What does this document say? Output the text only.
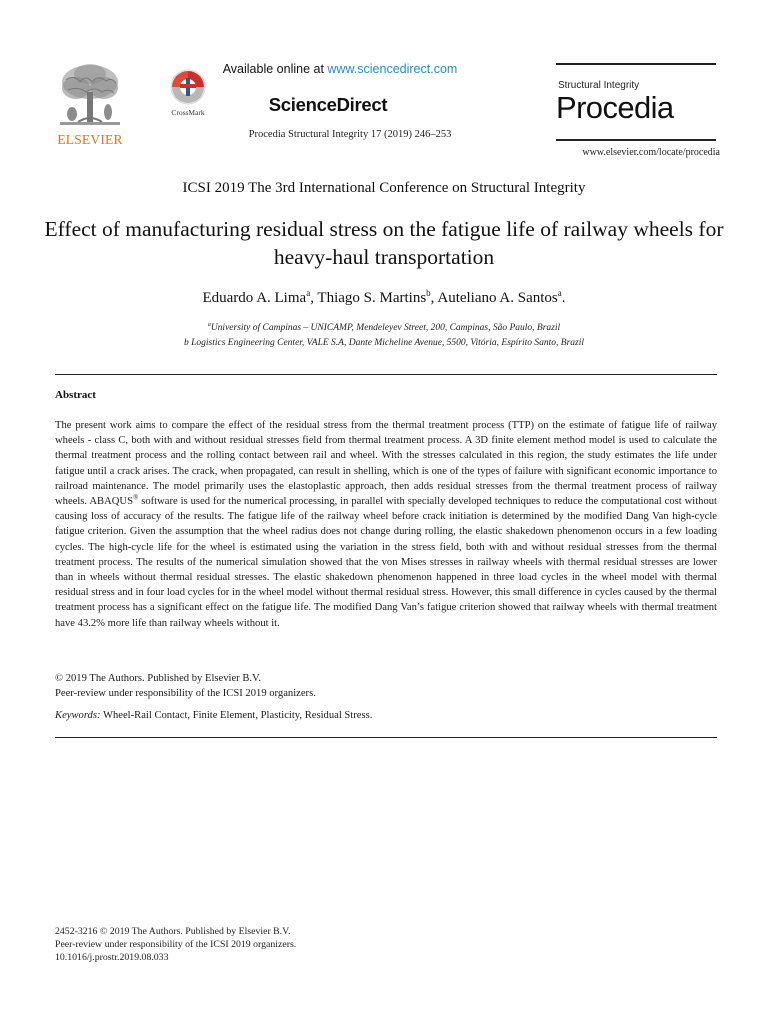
ELSEVIER
CrossMark
Available online at www.sciencedirect.com
ScienceDirect
Procedia Structural Integrity 17 (2019) 246–253
Structural Integrity
Procedia
www.elsevier.com/locate/procedia
ICSI 2019 The 3rd International Conference on Structural Integrity
Effect of manufacturing residual stress on the fatigue life of railway wheels for heavy-haul transportation
Eduardo A. Lima$^a$, Thiago S. Martins$^b$, Auteliano A. Santos$^a$.
$^a$University of Campinas – UNICAMP, Mendeleyev Street, 200, Campinas, São Paulo, Brazil
b Logistics Engineering Center, VALE S.A, Dante Micheline Avenue, 5500, Vitória, Espírito Santo, Brazil
Abstract
The present work aims to compare the effect of the residual stress from the thermal treatment process (TTP) on the estimate of fatigue life of railway wheels - class C, both with and without residual stresses field from thermal treatment process. A 3D finite element method model is used to calculate the thermal treatment process and the rolling contact between rail and wheel. With the stresses calculated in this region, the study estimates the life under fatigue until a crack arises. The crack, when propagated, can result in shelling, which is one of the types of failure with significant economic importance to railroad maintenance. The model primarily uses the elastoplastic approach, then adds residual stresses from the thermal treatment process of railway wheels. ABAQUS® software is used for the numerical processing, in parallel with specially developed techniques to reduce the computational cost without causing loss of accuracy of the results. The fatigue life of the railway wheel before crack initiation is determined by the modified Dang Van high-cycle fatigue criterion. Given the assumption that the wheel radius does not change during rolling, the elastic shakedown phenomenon occurs in a few loading cycles. The high-cycle life for the wheel is estimated using the variation in the stress field, both with and without residual stresses from the thermal treatment process. The results of the numerical simulation showed that the von Mises stresses in railway wheels with thermal residual stresses are lower than in wheels without thermal residual stresses. The elastic shakedown phenomenon happened in three load cycles in the wheel model with thermal residual stress and in four load cycles for in the wheel model without thermal residual stress. However, this small difference in cycles caused by the thermal treatment process has a significant effect on the fatigue life. The modified Dang Van’s fatigue criterion showed that railway wheels with thermal treatment have 43.2% more life than railway wheels without it.
© 2019 The Authors. Published by Elsevier B.V.
Peer-review under responsibility of the ICSI 2019 organizers.
Keywords: Wheel-Rail Contact, Finite Element, Plasticity, Residual Stress.
2452-3216 © 2019 The Authors. Published by Elsevier B.V.
Peer-review under responsibility of the ICSI 2019 organizers.
10.1016/j.prostr.2019.08.033
